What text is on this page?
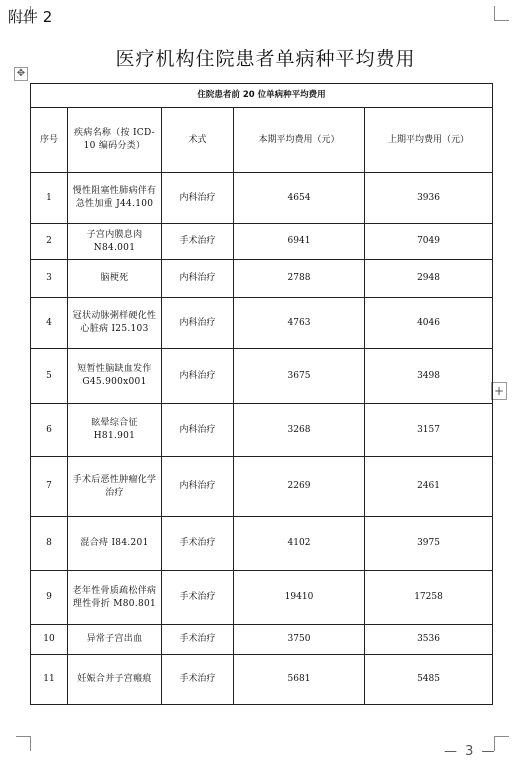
附件 2
医疗机构住院患者单病种平均费用
✥
+
住院患者前 20 位单病种平均费用				
序号	疾病名称（按 ICD-10 编码分类）	术式	本期平均费用（元）	上期平均费用（元）
1	慢性阻塞性肺病伴有急性加重 J44.100	内科治疗	4654	3936
2	子宫内膜息肉 N84.001	手术治疗	6941	7049
3	脑梗死	内科治疗	2788	2948
4	冠状动脉粥样硬化性心脏病 I25.103	内科治疗	4763	4046
5	短暂性脑缺血发作 G45.900x001	内科治疗	3675	3498
6	眩晕综合征 H81.901	内科治疗	3268	3157
7	手术后恶性肿瘤化学治疗	内科治疗	2269	2461
8	混合痔 I84.201	手术治疗	4102	3975
9	老年性骨质疏松伴病理性骨折 M80.801	手术治疗	19410	17258
10	异常子宫出血	手术治疗	3750	3536
11	妊娠合并子宫瘢痕	手术治疗	5681	5485
— 3 —
